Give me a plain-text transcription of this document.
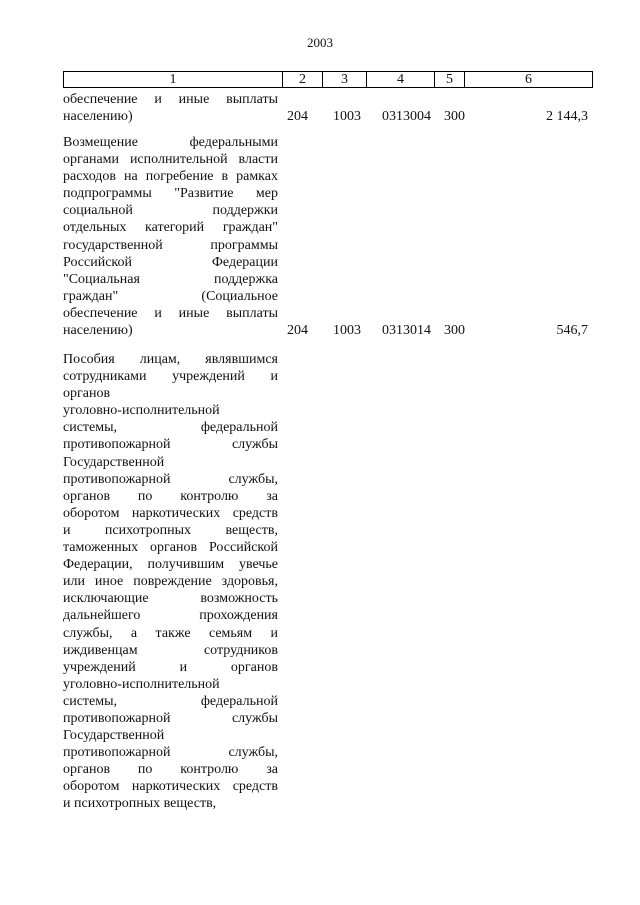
2003
1	2	3	4	5	6

обеспечение и иные выплаты

населению)	204	1003 0313004 300	2 144,3

Возмещение федеральными

органами исполнительной власти

расходов на погребение в рамках

подпрограммы "Развитие мер

социальной поддержки

отдельных категорий граждан"

государственной программы

Российской Федерации

"Социальная поддержка

граждан" (Социальное

обеспечение и иные выплаты

населению)	204	1003 0313014 300	546,7

Пособия лицам, являвшимся

сотрудниками учреждений и

органов

уголовно-исполнительной

системы, федеральной

противопожарной службы

Государственной

противопожарной службы,

органов по контролю за

оборотом наркотических средств

и психотропных веществ,

таможенных органов Российской

Федерации, получившим увечье

или иное повреждение здоровья,

исключающие возможность

дальнейшего прохождения

службы, а также семьям и

иждивенцам сотрудников

учреждений и органов

уголовно-исполнительной

системы, федеральной

противопожарной службы

Государственной

противопожарной службы,

органов по контролю за

оборотом наркотических средств

и психотропных веществ,
